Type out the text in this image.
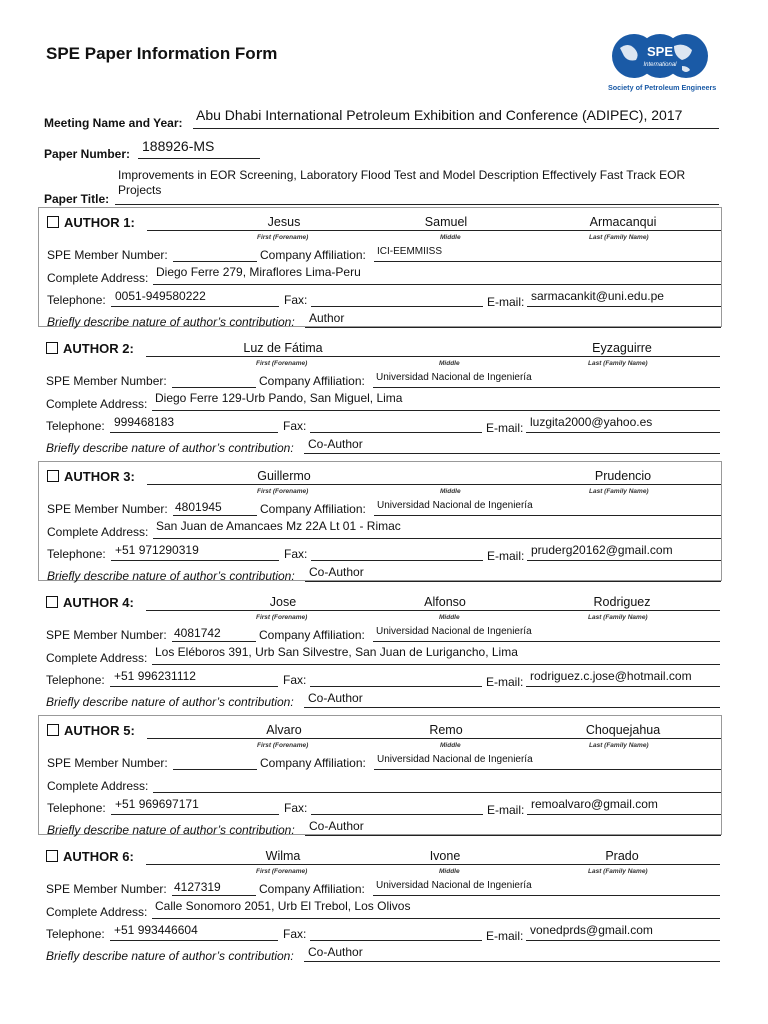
SPE Paper Information Form	SPE
International
Society of Petroleum Engineers
Meeting Name and Year: Abu Dhabi International Petroleum Exhibition and Conference (ADIPEC), 2017
Paper Number: 188926-MS
Paper Title:
Improvements in EOR Screening, Laboratory Flood Test and Model Description Effectively Fast Track EOR
Projects
AUTHOR 1:	Jesus	Samuel	Armacanqui
First (Forename)	Middle	Last (Family Name)
SPE Member Number:	Company Affiliation: ICI-EEMMIISS
Complete Address: Diego Ferre 279, Miraflores Lima-Peru
Telephone: 0051-949580222	Fax:	E-mail: sarmacankit@uni.edu.pe
Briefly describe nature of author’s contribution: Author
AUTHOR 2:	Luz de Fátima	Eyzaguirre
First (Forename)	Middle	Last (Family Name)
SPE Member Number:	Company Affiliation: Universidad Nacional de Ingeniería
Complete Address: Diego Ferre 129-Urb Pando, San Miguel, Lima
Telephone: 999468183	Fax:	E-mail: luzgita2000@yahoo.es
Briefly describe nature of author’s contribution: Co-Author
AUTHOR 3:	Guillermo	Prudencio
First (Forename)	Middle	Last (Family Name)
SPE Member Number: 4801945	Company Affiliation: Universidad Nacional de Ingeniería
Complete Address: San Juan de Amancaes Mz 22A Lt 01 - Rimac
Telephone: +51 971290319	Fax:	E-mail: pruderg20162@gmail.com
Briefly describe nature of author’s contribution: Co-Author
AUTHOR 4:	Jose	Alfonso	Rodriguez
First (Forename)	Middle	Last (Family Name)
SPE Member Number: 4081742	Company Affiliation: Universidad Nacional de Ingeniería
Complete Address: Los Eléboros 391, Urb San Silvestre, San Juan de Lurigancho, Lima
Telephone: +51 996231112	Fax:	E-mail: rodriguez.c.jose@hotmail.com
Briefly describe nature of author’s contribution: Co-Author
AUTHOR 5:	Alvaro	Remo	Choquejahua
First (Forename)	Middle	Last (Family Name)
SPE Member Number:	Company Affiliation: Universidad Nacional de Ingeniería
Complete Address:
Telephone: +51 969697171	Fax:	E-mail: remoalvaro@gmail.com
Briefly describe nature of author’s contribution: Co-Author
AUTHOR 6:	Wilma	Ivone	Prado
First (Forename)	Middle	Last (Family Name)
SPE Member Number: 4127319	Company Affiliation: Universidad Nacional de Ingeniería
Complete Address: Calle Sonomoro 2051, Urb El Trebol, Los Olivos
Telephone: +51 993446604	Fax:	E-mail: vonedprds@gmail.com
Briefly describe nature of author’s contribution: Co-Author
